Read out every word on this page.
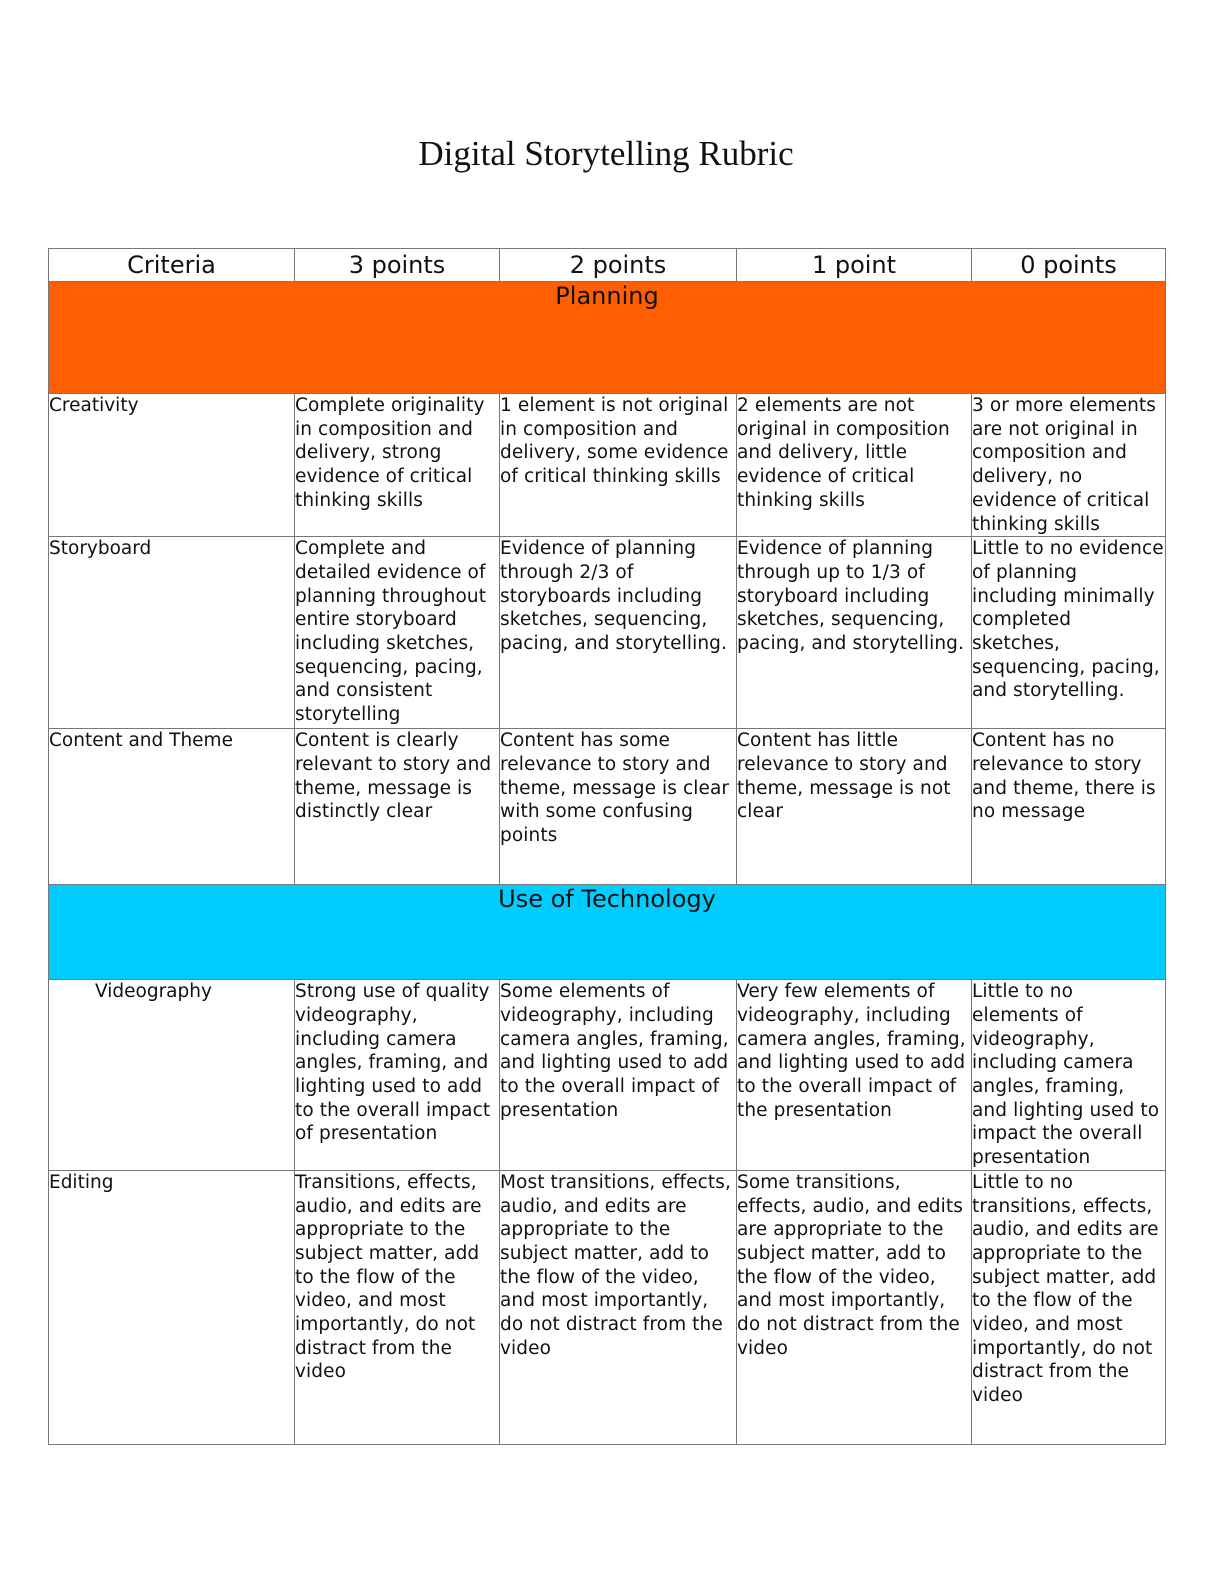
Digital Storytelling Rubric
Criteria	3 points	2 points	1 point	0 points
Planning				
Creativity	Complete originality in composition and delivery, strong evidence of critical thinking skills	1 element is not original in composition and delivery, some evidence of critical thinking skills	2 elements are not original in composition and delivery, little evidence of critical thinking skills	3 or more elements are not original in composition and delivery, no evidence of critical thinking skills
Storyboard	Complete and detailed evidence of planning throughout entire storyboard including sketches, sequencing, pacing, and consistent storytelling	Evidence of planning through 2/3 of storyboards including sketches, sequencing, pacing, and storytelling.	Evidence of planning through up to 1/3 of storyboard including sketches, sequencing, pacing, and storytelling.	Little to no evidence of planning including minimally completed sketches, sequencing, pacing, and storytelling.
Content and Theme	Content is clearly relevant to story and theme, message is distinctly clear	Content has some relevance to story and theme, message is clear with some confusing points	Content has little relevance to story and theme, message is not clear	Content has no relevance to story and theme, there is no message
Use of Technology				
Videography	Strong use of quality videography, including camera angles, framing, and lighting used to add to the overall impact of presentation	Some elements of videography, including camera angles, framing, and lighting used to add to the overall impact of presentation	Very few elements of videography, including camera angles, framing, and lighting used to add to the overall impact of the presentation	Little to no elements of videography, including camera angles, framing, and lighting used to impact the overall presentation
Editing	Transitions, effects, audio, and edits are appropriate to the subject matter, add to the flow of the video, and most importantly, do not distract from the video	Most transitions, effects, audio, and edits are appropriate to the subject matter, add to the flow of the video, and most importantly, do not distract from the video	Some transitions, effects, audio, and edits are appropriate to the subject matter, add to the flow of the video, and most importantly, do not distract from the video	Little to no transitions, effects, audio, and edits are appropriate to the subject matter, add to the flow of the video, and most importantly, do not distract from the video
